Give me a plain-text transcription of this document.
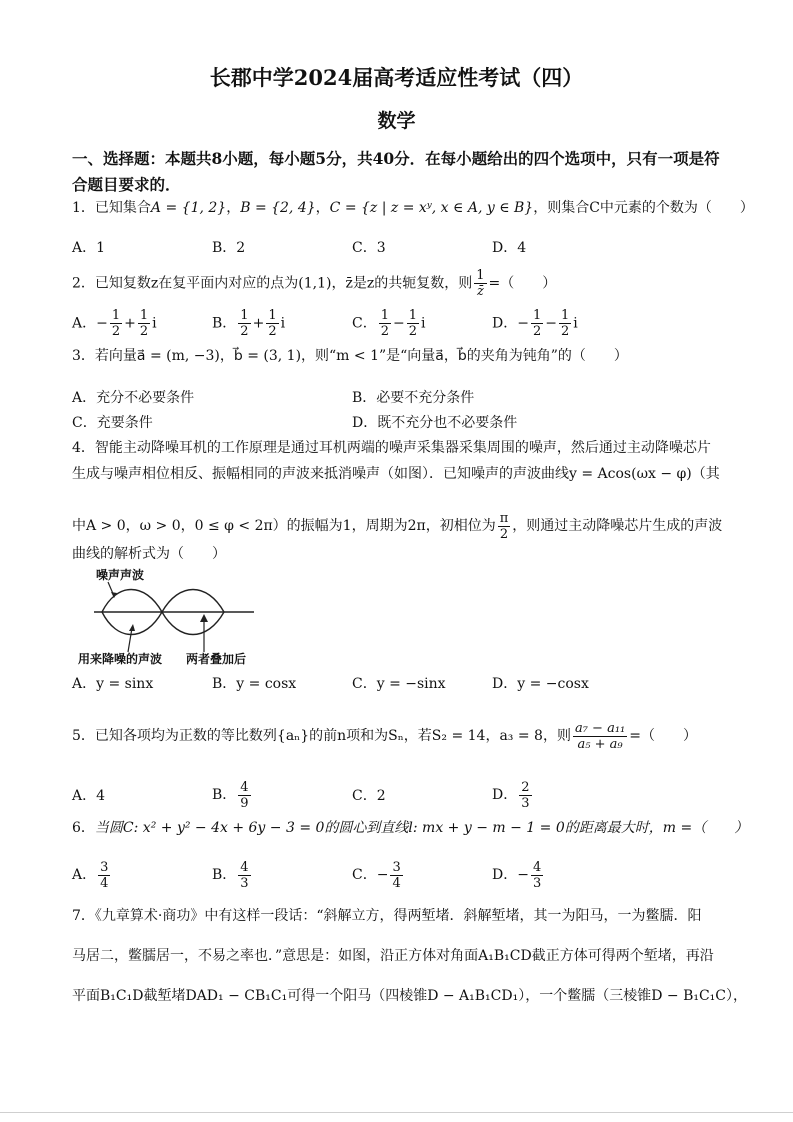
长郡中学2024届高考适应性考试（四）
数学
一、选择题：本题共8小题，每小题5分，共40分．在每小题给出的四个选项中，只有一项是符合题目要求的．
1．已知集合A = {1, 2}，B = {2, 4}，C = {z | z = xʸ, x ∈ A, y ∈ B}，则集合C中元素的个数为（　　）
A．1	B．2	C．3	D．4
2．已知复数z在复平面内对应的点为(1,1)，z̄是z的共轭复数，则 $\frac{1}{z̄}$ =（　　）
A．− $\frac{1}{2} + \frac{1}{2}$ i	B． $\frac{1}{2} + \frac{1}{2}$ i	C． $\frac{1}{2} - \frac{1}{2}$ i	D．− $\frac{1}{2} - \frac{1}{2}$ i
3．若向量a⃗ = (m, −3)，b⃗ = (3, 1)，则“m < 1”是“向量a⃗，b⃗的夹角为钝角”的（　　）
A．充分不必要条件	B．必要不充分条件
C．充要条件	D．既不充分也不必要条件
4．智能主动降噪耳机的工作原理是通过耳机两端的噪声采集器采集周围的噪声，然后通过主动降噪芯片
生成与噪声相位相反、振幅相同的声波来抵消噪声（如图）．已知噪声的声波曲线y = Acos(ωx − φ)（其
中A > 0，ω > 0，0 ≤ φ < 2π）的振幅为1，周期为2π，初相位为 $\frac{\pi}{2}$ ，则通过主动降噪芯片生成的声波
曲线的解析式为（　　）
噪声声波
用来降噪的声波 两者叠加后
A．y = sinx	B．y = cosx	C．y = −sinx	D．y = −cosx
5．已知各项均为正数的等比数列{aₙ}的前n项和为Sₙ，若S₂ = 14，a₃ = 8，则 $\frac{\text{a₇ − a₁₁}}{\text{a₅ + a₉}}$ =（　　）
A．4	B． $\frac{4}{9}$	C．2	D． $\frac{2}{3}$
6．当圆C: x² + y² − 4x + 6y − 3 = 0的圆心到直线l: mx + y − m − 1 = 0的距离最大时，m =（　　）
A． $\frac{3}{4}$	B． $\frac{4}{3}$	C．− $\frac{3}{4}$	D．− $\frac{4}{3}$
7．《九章算术·商功》中有这样一段话：“斜解立方，得两堑堵．斜解堑堵，其一为阳马，一为鳖臑．阳
马居二，鳖臑居一，不易之率也．”意思是：如图，沿正方体对角面A₁B₁CD截正方体可得两个堑堵，再沿
平面B₁C₁D截堑堵DAD₁ − CB₁C₁可得一个阳马（四棱锥D − A₁B₁CD₁），一个鳖臑（三棱锥D − B₁C₁C），
